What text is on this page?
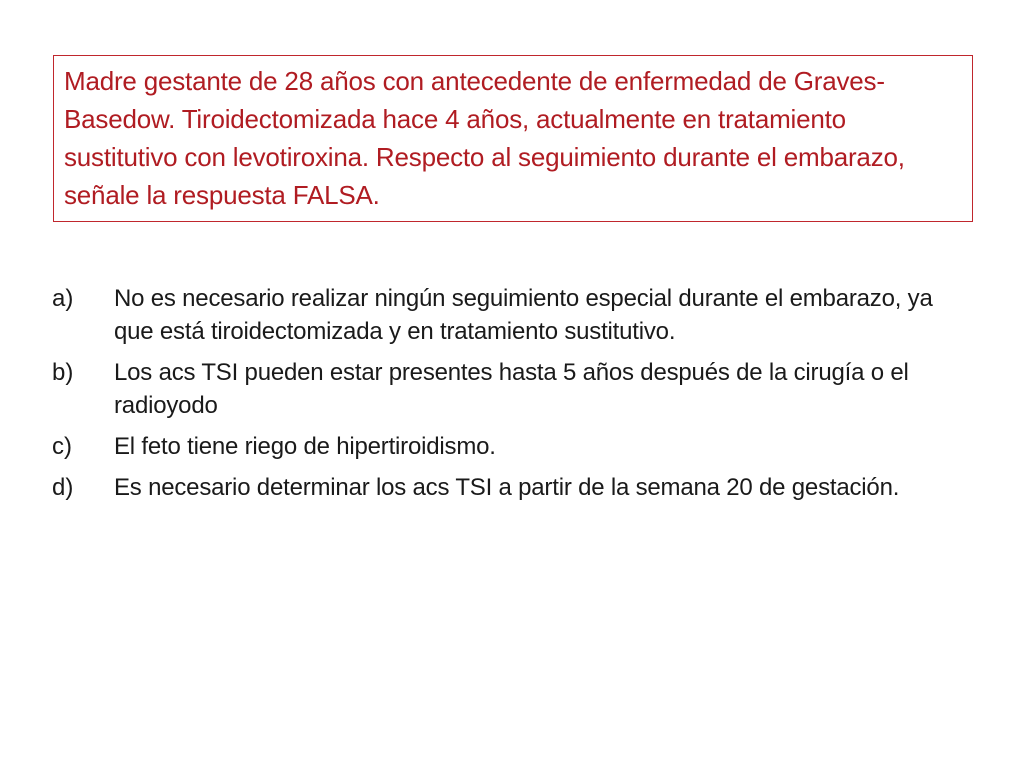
Madre gestante de 28 años con antecedente de enfermedad de Graves-Basedow. Tiroidectomizada hace 4 años, actualmente en tratamiento sustitutivo con levotiroxina. Respecto al seguimiento durante el embarazo, señale la respuesta FALSA.

a)	No es necesario realizar ningún seguimiento especial durante el embarazo, ya que está tiroidectomizada y en tratamiento sustitutivo.
b)	Los acs TSI pueden estar presentes hasta 5 años después de la cirugía o el radioyodo
c)	El feto tiene riego de hipertiroidismo.
d)	Es necesario determinar los acs TSI a partir de la semana 20 de gestación.
